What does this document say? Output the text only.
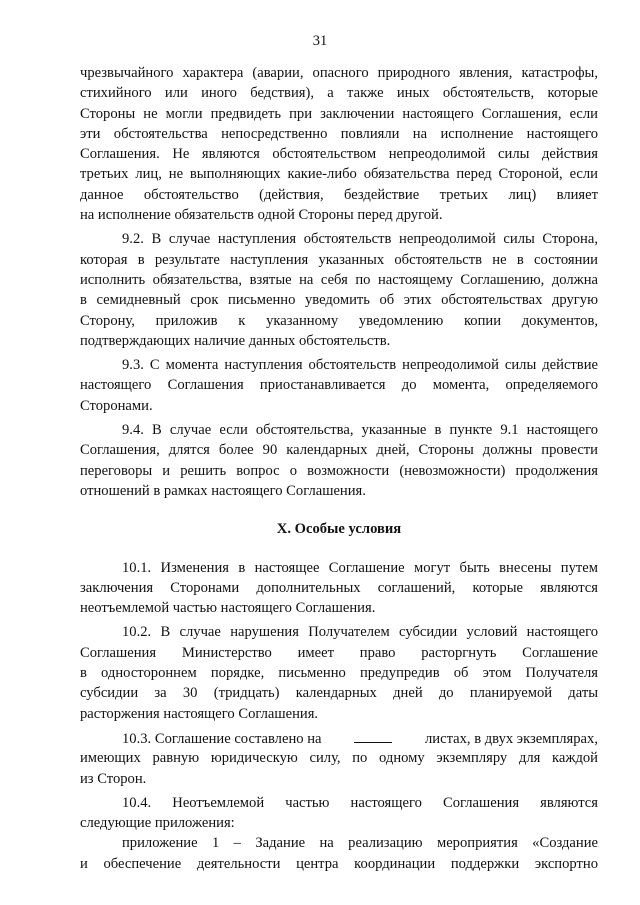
31
чрезвычайного характера (аварии, опасного природного явления, катастрофы,
стихийного или иного бедствия), а также иных обстоятельств, которые
Стороны не могли предвидеть при заключении настоящего Соглашения, если
эти обстоятельства непосредственно повлияли на исполнение настоящего
Соглашения. Не являются обстоятельством непреодолимой силы действия
третьих лиц, не выполняющих какие-либо обязательства перед Стороной, если
данное обстоятельство (действия, бездействие третьих лиц) влияет
на исполнение обязательств одной Стороны перед другой.
9.2. В случае наступления обстоятельств непреодолимой силы Сторона,
которая в результате наступления указанных обстоятельств не в состоянии
исполнить обязательства, взятые на себя по настоящему Соглашению, должна
в семидневный срок письменно уведомить об этих обстоятельствах другую
Сторону, приложив к указанному уведомлению копии документов,
подтверждающих наличие данных обстоятельств.
9.3. С момента наступления обстоятельств непреодолимой силы действие
настоящего Соглашения приостанавливается до момента, определяемого
Сторонами.
9.4. В случае если обстоятельства, указанные в пункте 9.1 настоящего
Соглашения, длятся более 90 календарных дней, Стороны должны провести
переговоры и решить вопрос о возможности (невозможности) продолжения
отношений в рамках настоящего Соглашения.
X. Особые условия
10.1. Изменения в настоящее Соглашение могут быть внесены путем
заключения Сторонами дополнительных соглашений, которые являются
неотъемлемой частью настоящего Соглашения.
10.2. В случае нарушения Получателем субсидии условий настоящего
Соглашения Министерство имеет право расторгнуть Соглашение
в одностороннем порядке, письменно предупредив об этом Получателя
субсидии за 30 (тридцать) календарных дней до планируемой даты
расторжения настоящего Соглашения.
10.3. Соглашение составлено на	листах, в двух экземплярах,
имеющих равную юридическую силу, по одному экземпляру для каждой
из Сторон.
10.4. Неотъемлемой частью настоящего Соглашения являются
следующие приложения:
приложение 1 – Задание на реализацию мероприятия «Создание
и обеспечение деятельности центра координации поддержки экспортно
